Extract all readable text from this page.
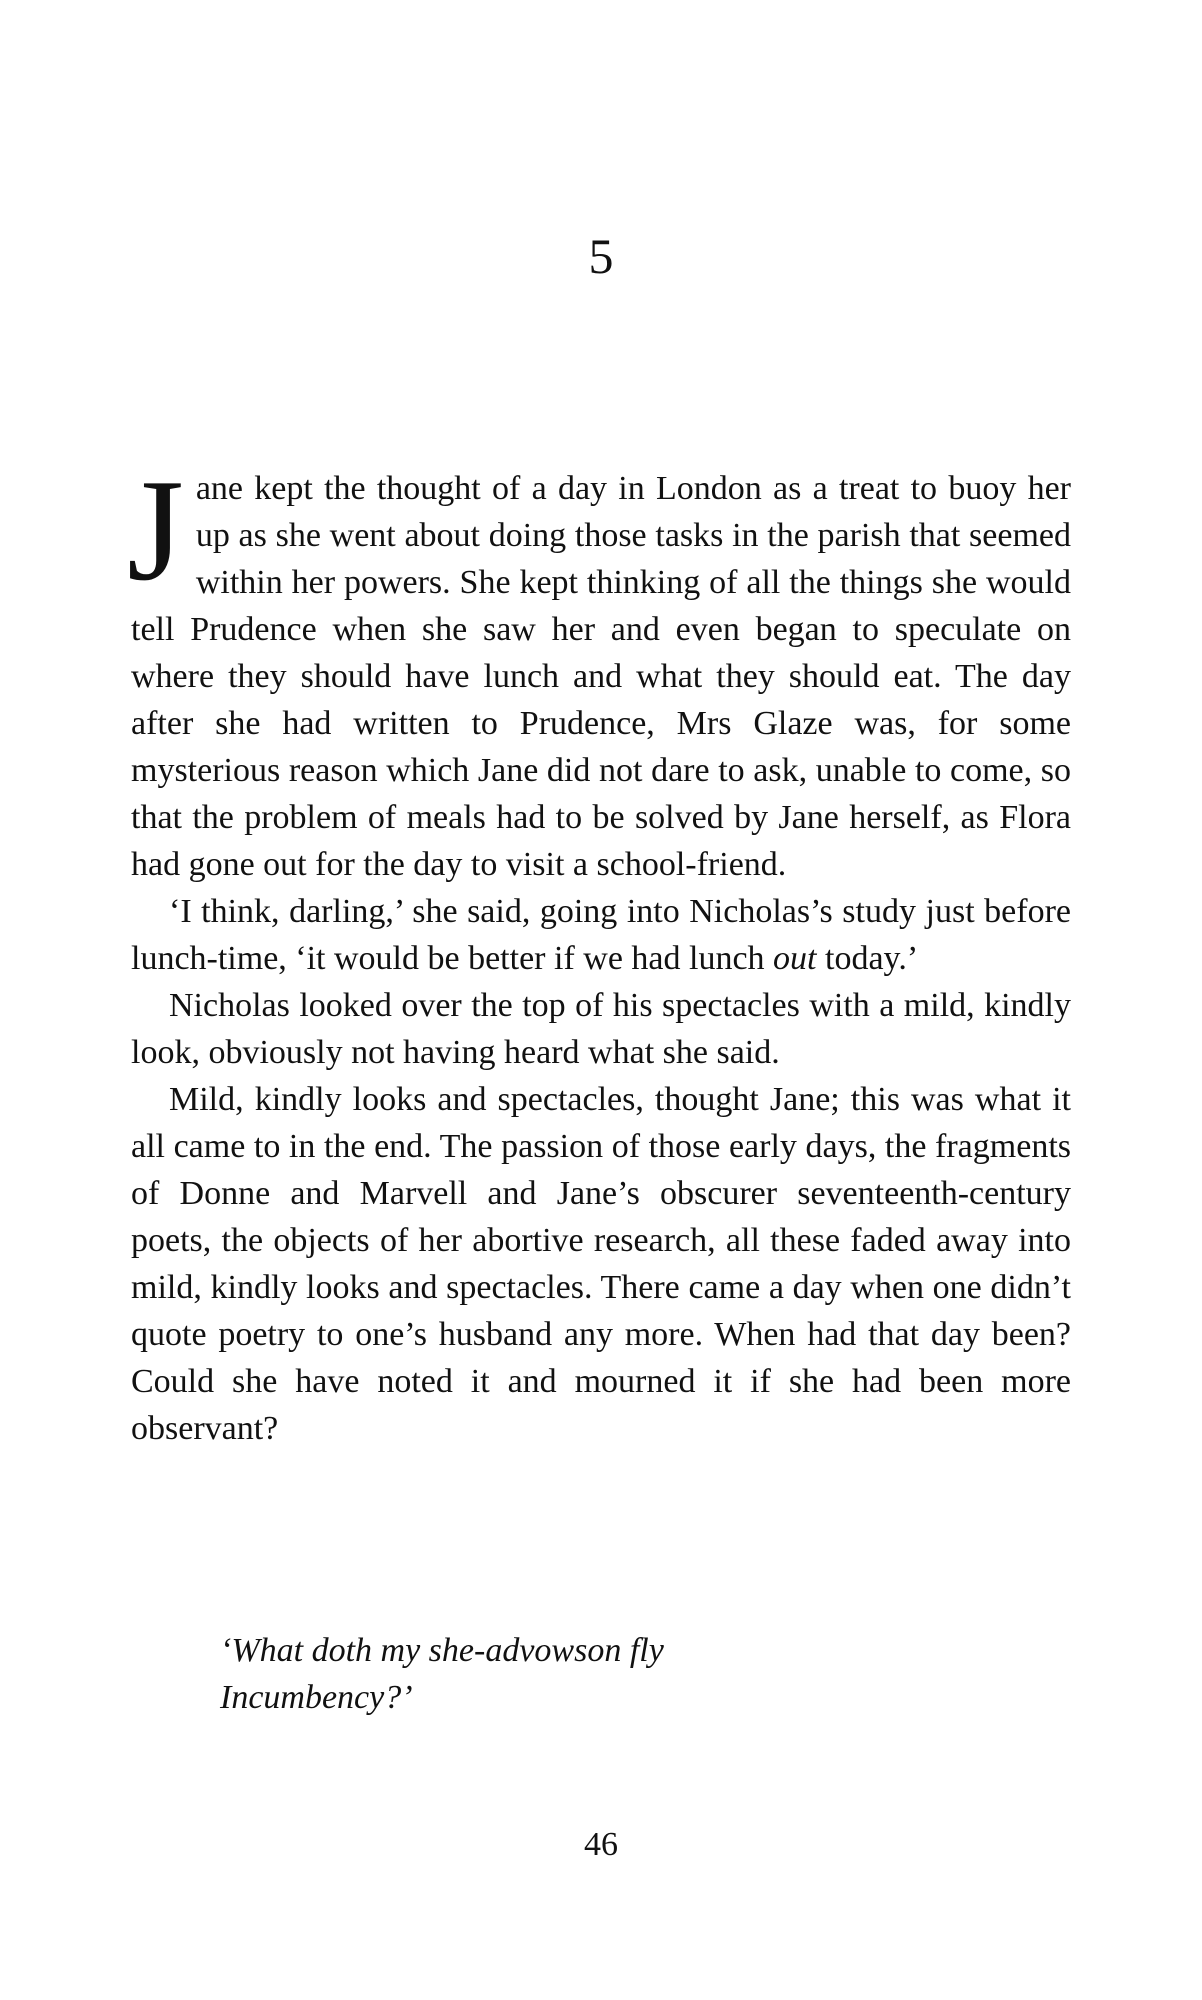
5

Jane kept the thought of a day in London as a treat to buoy her up as she went about doing those tasks in the parish that seemed within her powers. She kept thinking of all the things she would tell Prudence when she saw her and even began to speculate on where they should have lunch and what they should eat. The day after she had written to Prudence, Mrs Glaze was, for some mysterious reason which Jane did not dare to ask, unable to come, so that the problem of meals had to be solved by Jane herself, as Flora had gone out for the day to visit a school-friend.

‘I think, darling,’ she said, going into Nicholas’s study just before lunch-time, ‘it would be better if we had lunch out today.’

Nicholas looked over the top of his spectacles with a mild, kindly look, obviously not having heard what she said.

Mild, kindly looks and spectacles, thought Jane; this was what it all came to in the end. The passion of those early days, the fragments of Donne and Marvell and Jane’s obscurer seventeenth-century poets, the objects of her abortive research, all these faded away into mild, kindly looks and spectacles. There came a day when one didn’t quote poetry to one’s husband any more. When had that day been? Could she have noted it and mourned it if she had been more observant?

‘What doth my she-advowson fly
Incumbency?’
46
